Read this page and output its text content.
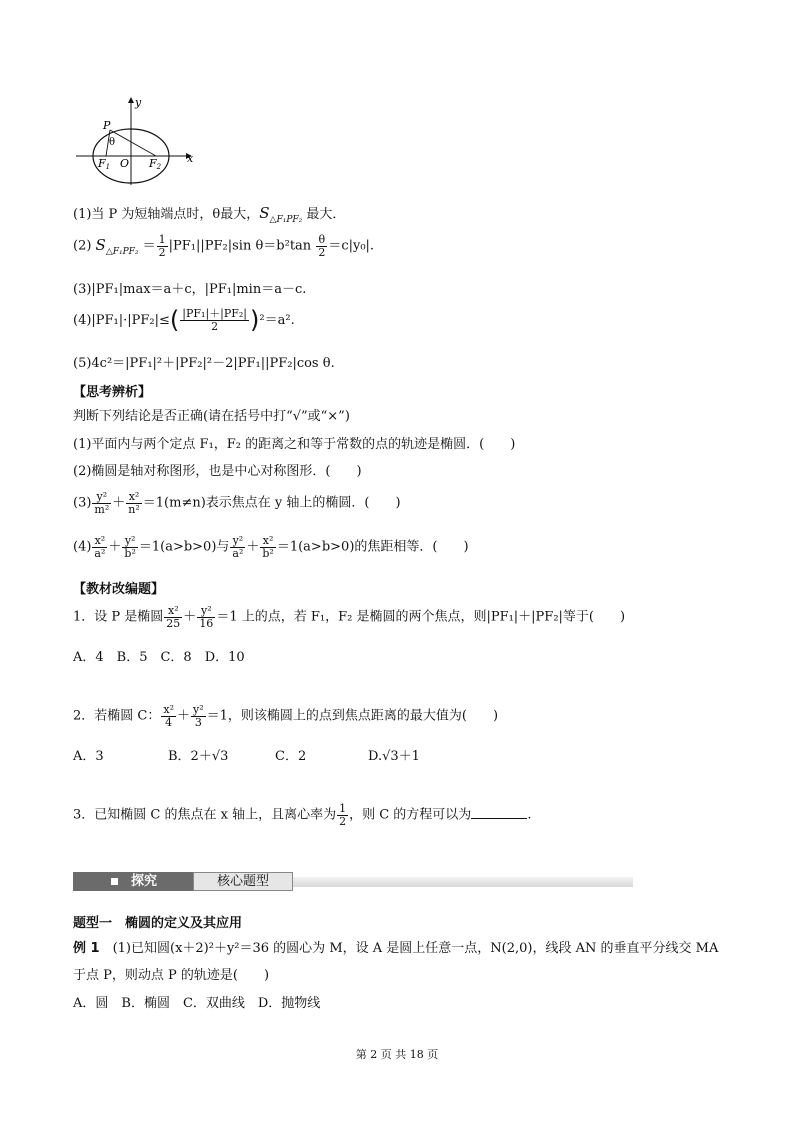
y
x
P
θ
F1 O F2
(1)当 P 为短轴端点时，θ最大，$S_{\triangle F_1PF_2}$ 最大．
(2) $S_{\triangle F_1PF_2} = \frac{1}{2} |PF_1||PF_2|\sin$ $\theta=b^2\tan \frac{\theta}{2} =c|y_0|$.
(3)|PF₁|max＝a＋c，|PF₁|min＝a－c.
$(4)|PF_1|\cdot|PF_2|\le( \frac{\text{|PF₁|＋|PF₂|}}{2} )^2=a^2$.
(5)4c²＝|PF₁|²＋|PF₂|²－2|PF₁||PF₂|cos θ.
【思考辨析】
判断下列结论是否正确(请在括号中打“√”或“×”)
(1)平面内与两个定点 F₁，F₂ 的距离之和等于常数的点的轨迹是椭圆．(　　)
(2)椭圆是轴对称图形，也是中心对称图形．(　　)
$(3) \frac{\text{y²}}{\text{m²}} + \frac{\text{x²}}{\text{n²}} =1(m\ne n)$表示焦点在 y 轴上的椭圆．(　　)
$(4) \frac{\text{x²}}{\text{a²}} + \frac{\text{y²}}{\text{b²}} =1(a>b>0)$与 $\frac{\text{y²}}{\text{a²}} + \frac{\text{x²}}{\text{b²}} =1(a>b>0)$的焦距相等．(　　)
【教材改编题】
1．设 P 是椭圆 $\frac{\text{x²}}{25} + \frac{\text{y²}}{16} =1$ 上的点，若 F₁，F₂ 是椭圆的两个焦点，则|PF₁|＋|PF₂|等于(　　)
A．4　B．5　C．8　D．10
2．若椭圆 C： $\frac{\text{x²}}{4} + \frac{\text{y²}}{3} =1$，则该椭圆上的点到焦点距离的最大值为(　　)
A．3	B．2＋√3	C．2	D.√3＋1
3．已知椭圆 C 的焦点在 x 轴上，且离心率为 $\frac{1}{2}$ ，则 C 的方程可以为	.
探究	核心题型
题型一　椭圆的定义及其应用
例 1　(1)已知圆(x＋2)²＋y²＝36 的圆心为 M，设 A 是圆上任意一点，N(2,0)，线段 AN 的垂直平分线交 MA
于点 P，则动点 P 的轨迹是(　　)
A．圆　B．椭圆　C．双曲线　D．抛物线
第 2 页 共 18 页
